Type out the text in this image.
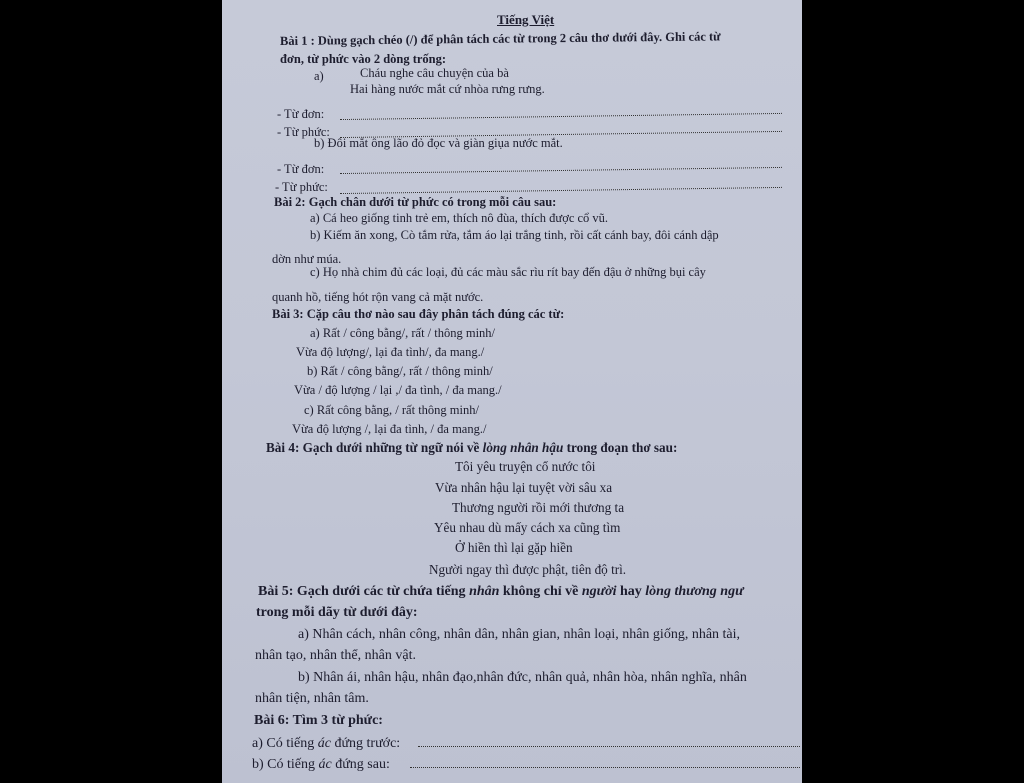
Tiếng Việt
Bài 1 : Dùng gạch chéo (/) để phân tách các từ trong 2 câu thơ dưới đây. Ghi các từ
đơn, từ phức vào 2 dòng trống:
a)	Cháu nghe câu chuyện của bà
Hai hàng nước mắt cứ nhòa rưng rưng.
- Từ đơn:
- Từ phức:
b) Đôi mắt ông lão đỏ đọc và giàn giụa nước mắt.
- Từ đơn:
- Từ phức:
Bài 2: Gạch chân dưới từ phức có trong mỗi câu sau:
a) Cá heo giống tinh trẻ em, thích nô đùa, thích được cổ vũ.
b) Kiếm ăn xong, Cò tắm rửa, tắm áo lại trắng tinh, rồi cất cánh bay, đôi cánh dập
dờn như múa.
c) Họ nhà chim đủ các loại, đủ các màu sắc rìu rít bay đến đậu ở những bụi cây
quanh hồ, tiếng hót rộn vang cả mặt nước.
Bài 3: Cặp câu thơ nào sau đây phân tách đúng các từ:
a) Rất / công bằng/, rất / thông minh/
Vừa độ lượng/, lại đa tình/, đa mang./
b) Rất / công bằng/, rất / thông minh/
Vừa / độ lượng / lại ,/ đa tình, / đa mang./
c) Rất công bằng, / rất thông minh/
Vừa độ lượng /, lại đa tình, / đa mang./
Bài 4: Gạch dưới những từ ngữ nói về lòng nhân hậu trong đoạn thơ sau:
Tôi yêu truyện cổ nước tôi
Vừa nhân hậu lại tuyệt vời sâu xa
Thương người rồi mới thương ta
Yêu nhau dù mấy cách xa cũng tìm
Ở hiền thì lại gặp hiền
Người ngay thì được phật, tiên độ trì.
Bài 5: Gạch dưới các từ chứa tiếng nhân không chỉ về người hay lòng thương ngư
trong mỗi dãy từ dưới đây:
a) Nhân cách, nhân công, nhân dân, nhân gian, nhân loại, nhân giống, nhân tài,
nhân tạo, nhân thể, nhân vật.
b) Nhân ái, nhân hậu, nhân đạo,nhân đức, nhân quả, nhân hòa, nhân nghĩa, nhân
nhân tiện, nhân tâm.
Bài 6: Tìm 3 từ phức:
a) Có tiếng ác đứng trước:
b) Có tiếng ác đứng sau:
